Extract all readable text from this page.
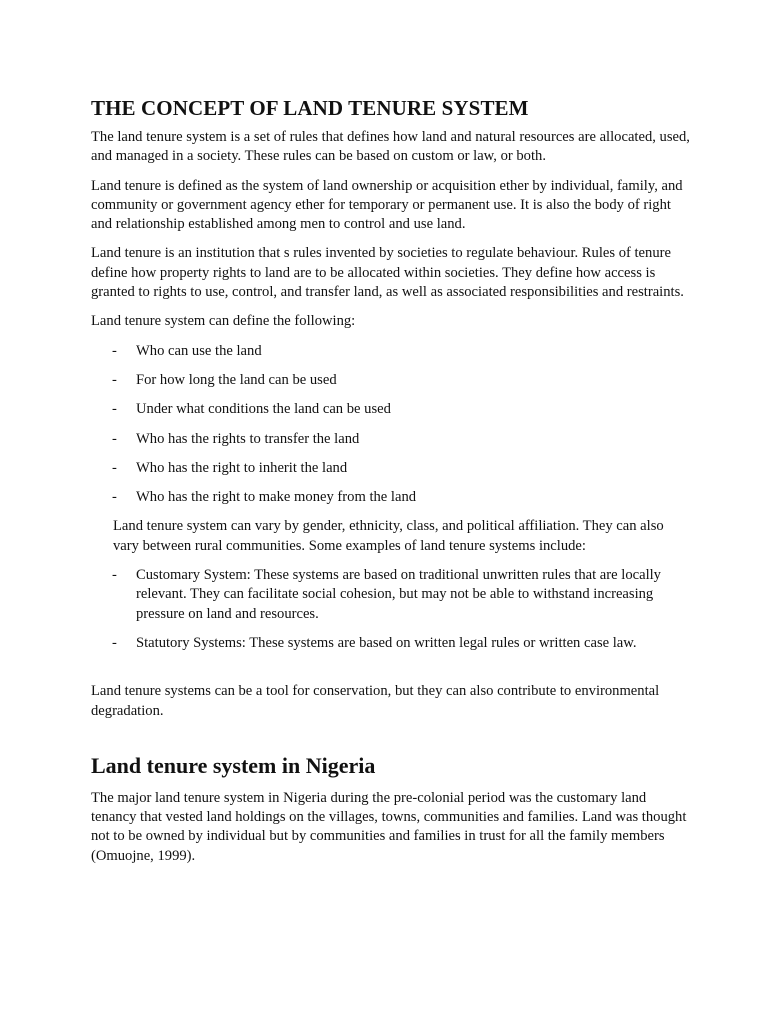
THE CONCEPT OF LAND TENURE SYSTEM

The land tenure system is a set of rules that defines how land and natural resources are allocated, used, and managed in a society. These rules can be based on custom or law, or both.

Land tenure is defined as the system of land ownership or acquisition ether by individual, family, and community or government agency ether for temporary or permanent use. It is also the body of right and relationship established among men to control and use land.

Land tenure is an institution that s rules invented by societies to regulate behaviour. Rules of tenure define how property rights to land are to be allocated within societies. They define how access is granted to rights to use, control, and transfer land, as well as associated responsibilities and restraints.

Land tenure system can define the following:

- Who can use the land
- For how long the land can be used
- Under what conditions the land can be used
- Who has the rights to transfer the land
- Who has the right to inherit the land
- Who has the right to make money from the land

Land tenure system can vary by gender, ethnicity, class, and political affiliation. They can also vary between rural communities. Some examples of land tenure systems include:

- Customary System: These systems are based on traditional unwritten rules that are locally relevant. They can facilitate social cohesion, but may not be able to withstand increasing pressure on land and resources.
- Statutory Systems: These systems are based on written legal rules or written case law.

Land tenure systems can be a tool for conservation, but they can also contribute to environmental degradation.

Land tenure system in Nigeria

The major land tenure system in Nigeria during the pre-colonial period was the customary land tenancy that vested land holdings on the villages, towns, communities and families. Land was thought not to be owned by individual but by communities and families in trust for all the family members (Omuojne, 1999).
